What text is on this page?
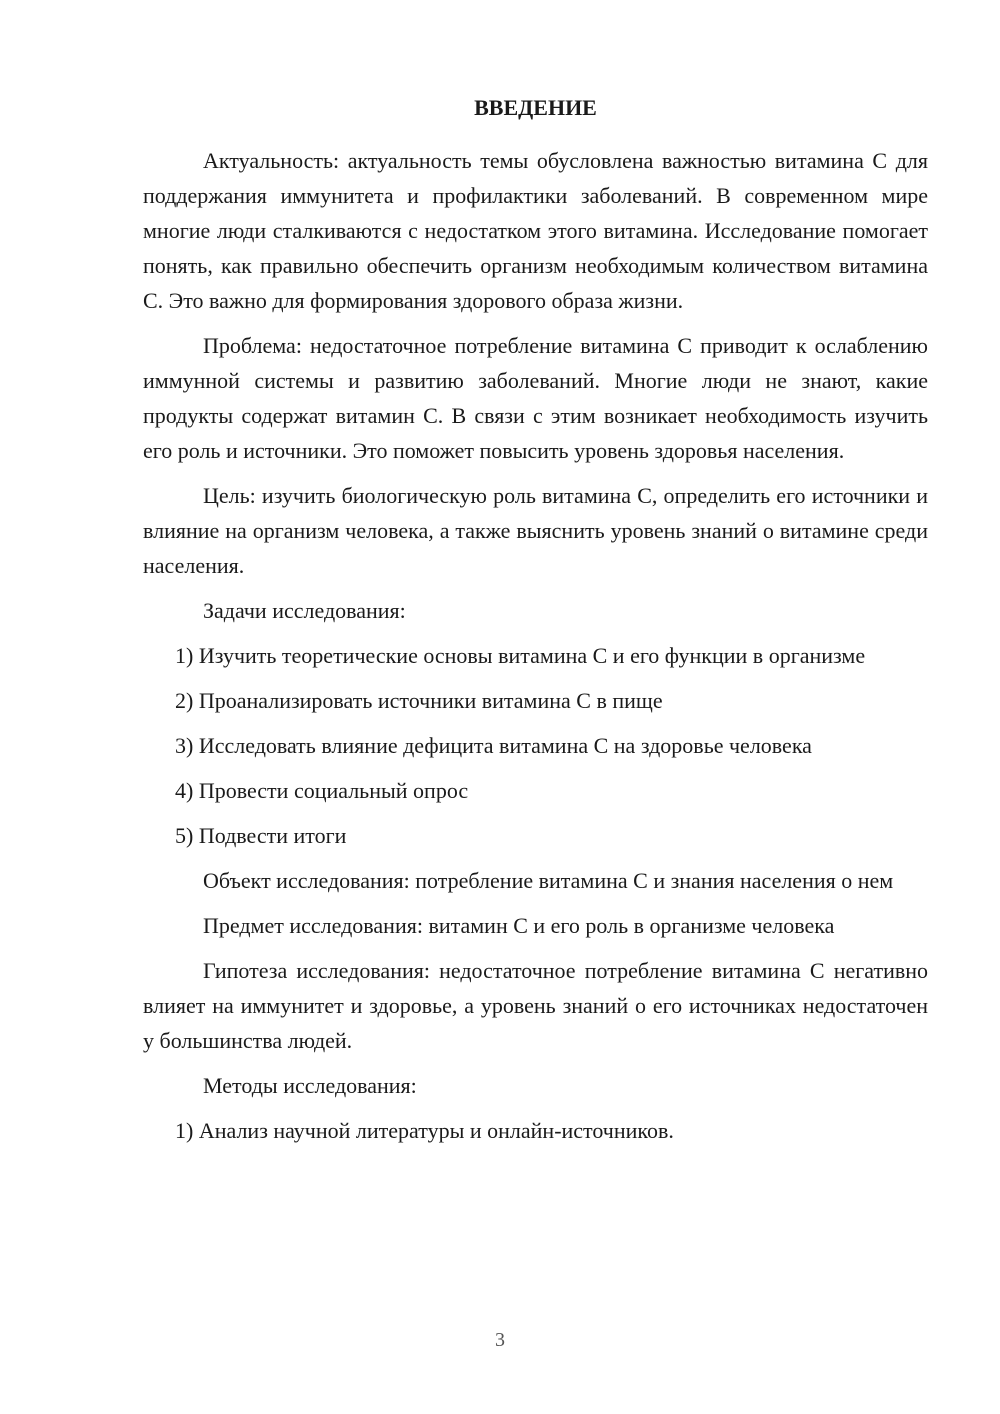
ВВЕДЕНИЕ

Актуальность: актуальность темы обусловлена важностью витамина С для поддержания иммунитета и профилактики заболеваний. В современном мире многие люди сталкиваются с недостатком этого витамина. Исследование помогает понять, как правильно обеспечить организм необходимым количеством витамина С. Это важно для формирования здорового образа жизни.

Проблема: недостаточное потребление витамина С приводит к ослаблению иммунной системы и развитию заболеваний. Многие люди не знают, какие продукты содержат витамин С. В связи с этим возникает необходимость изучить его роль и источники. Это поможет повысить уровень здоровья населения.

Цель: изучить биологическую роль витамина С, определить его источники и влияние на организм человека, а также выяснить уровень знаний о витамине среди населения.

Задачи исследования:

1) Изучить теоретические основы витамина С и его функции в организме

2) Проанализировать источники витамина С в пище

3) Исследовать влияние дефицита витамина С на здоровье человека

4) Провести социальный опрос

5) Подвести итоги

Объект исследования: потребление витамина С и знания населения о нем

Предмет исследования: витамин С и его роль в организме человека

Гипотеза исследования: недостаточное потребление витамина С негативно влияет на иммунитет и здоровье, а уровень знаний о его источниках недостаточен у большинства людей.

Методы исследования:

1) Анализ научной литературы и онлайн-источников.

3
